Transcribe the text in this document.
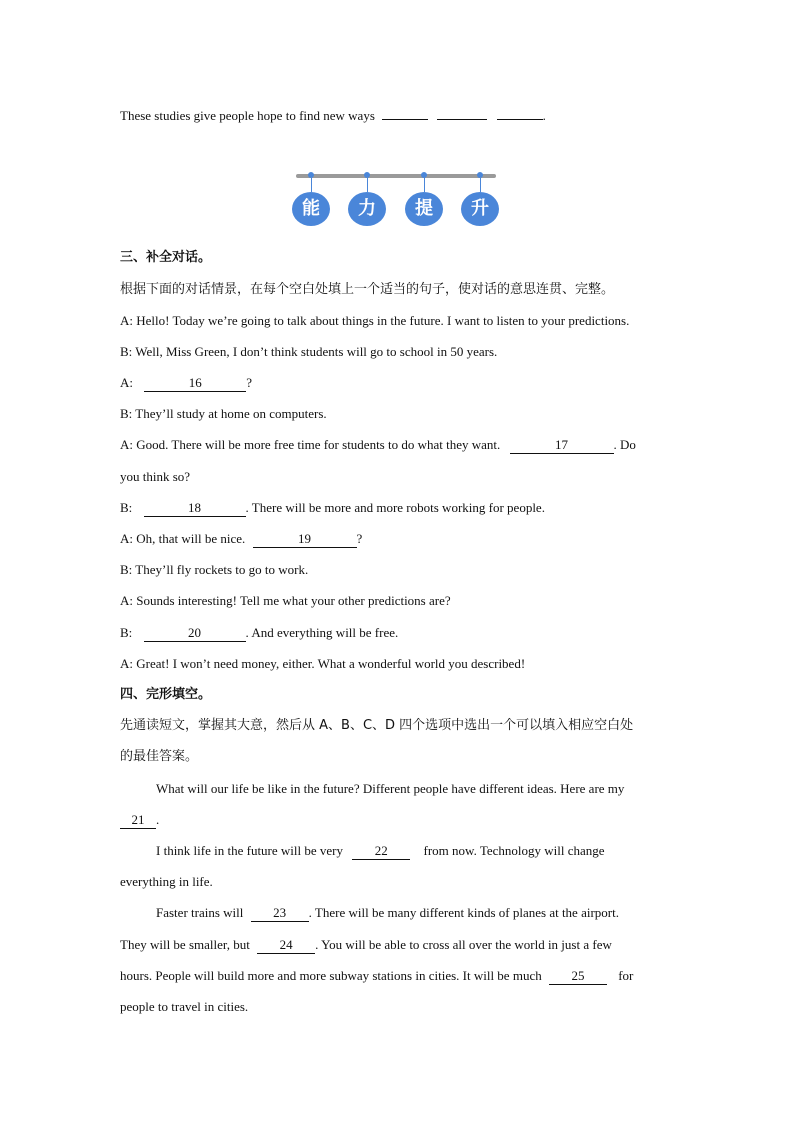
These studies give people hope to find new ways	.
能	力	提	升
三、补全对话。
根据下面的对话情景，在每个空白处填上一个适当的句子，使对话的意思连贯、完整。
A: Hello! Today we’re going to talk about things in the future. I want to listen to your predictions.
B: Well, Miss Green, I don’t think students will go to school in 50 years.
A:	16	?
B: They’ll study at home on computers.
A: Good. There will be more free time for students to do what they want.	17	. Do
you think so?
B:	18	. There will be more and more robots working for people.
A: Oh, that will be nice.	19	?
B: They’ll fly rockets to go to work.
A: Sounds interesting! Tell me what your other predictions are?
B:	20	. And everything will be free.
A: Great! I won’t need money, either. What a wonderful world you described!
四、完形填空。
先通读短文，掌握其大意，然后从 A、B、C、D 四个选项中选出一个可以填入相应空白处
的最佳答案。
What will our life be like in the future? Different people have different ideas. Here are my
21 .
I think life in the future will be very 22	from now. Technology will change
everything in life.
Faster trains will 23 . There will be many different kinds of planes at the airport.
They will be smaller, but 24 . You will be able to cross all over the world in just a few
hours. People will build more and more subway stations in cities. It will be much 25	for
people to travel in cities.
